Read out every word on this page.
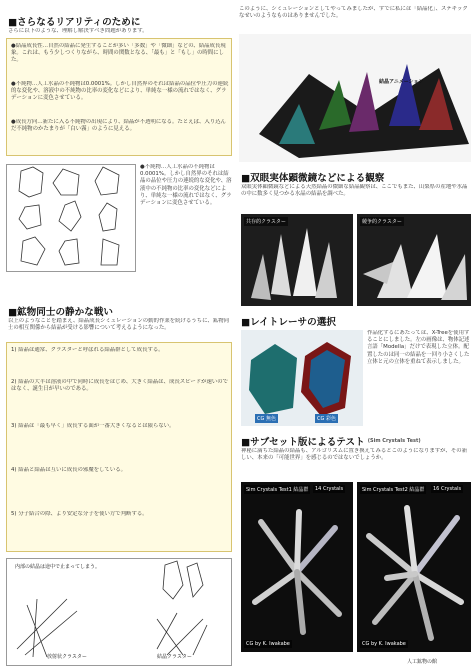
■さらなるリアリティのために
さらに以下のような、理解し解決すべき問題があります。
●結晶成長性…自然の結晶に発生することが多い「多数」や「微細」などの、結晶成長現象。これは、もう少しつくりながら、時間の関数となる、「最も」と「もし」の時間にした。
●不純物…人工水晶の不純物は0.0001%。しかし自然界のそれは結晶の品位や圧力の連続的な変化や、溶液中の不純物の比率の変化などにより、単純な一様の流れではなく、グラデーションに変色させている。
●成長方向…新たに入る不純物の出現により、結晶が不透明になる。たとえば、入り込んだ不純物のかたまりが「白い霧」のように見える。
●不純物…人工水晶の不純物は0.0001%。しかし自然界のそれは結晶の品位や圧力の連続的な変化や、溶液中の不純物の比率の変化などにより、単純な一様の流れではなく、グラデーションに変色させている。
■鉱物同士の静かな戦い
以上のようなことを踏まえ、結晶成長シミュレーションの動的作業を続けるうちに、鉱物同士の相互関係から結晶が受ける影響について考えるようになった。
1) 結晶は通常、クラスターと呼ばれる結晶群として成長する。
2) 結晶の大半は溶液の中で同時に成長をはじめ、大きく結晶は、成長スピードが速いのではなく、誕生日が早いのである。
3) 結晶は「最も早く」成長する面が一番大きくなるとは限らない。
4) 結晶と結晶は互いに成長の邪魔をしている。
5) 分子結合の際、より安定な分子を使い方で判断する。
放射状クラスター	結晶クラスター
内部の結晶は途中で止まってしまう。
このように、シミュレーションとしてやってみましたが、すでに私には「結晶化」、ステキックなせいのようなものはありませんでした。
結晶アニメーション
■双眼実体顕微鏡などによる観察
双眼実体顕微鏡などによる天然結晶の微細な結晶観察は、ここでもまた、山梨県の産地や水晶の中に数多く見つかる水晶の結晶を調べた。
共存的クラスター	競争的クラスター
■レイトレーサの選択
CG 無色	CG 彩色
作品化するにあたっては、X-Treeを使用することにしました。左の画像は、物体記述言語「Modella」だけで表現した立体。配置したのは同一の結晶を一回り小さくした立体と元の立体を重ねて表示しました。
■サブセット版によるテスト (Sim Crystals Test)
神秘に満ちた結晶の結晶も、アルゴリズムに置き換えてみるとこのようになりますが、その新しい、本来の「可能世界」を感じるのではないでしょうか。
Sim Crystals Test1 結晶群	14 Crystals
CG by K. Iwakabe
Sim Crystals Test2 結晶群	16 Crystals
CG by K. Iwakabe
人工鉱物の館
